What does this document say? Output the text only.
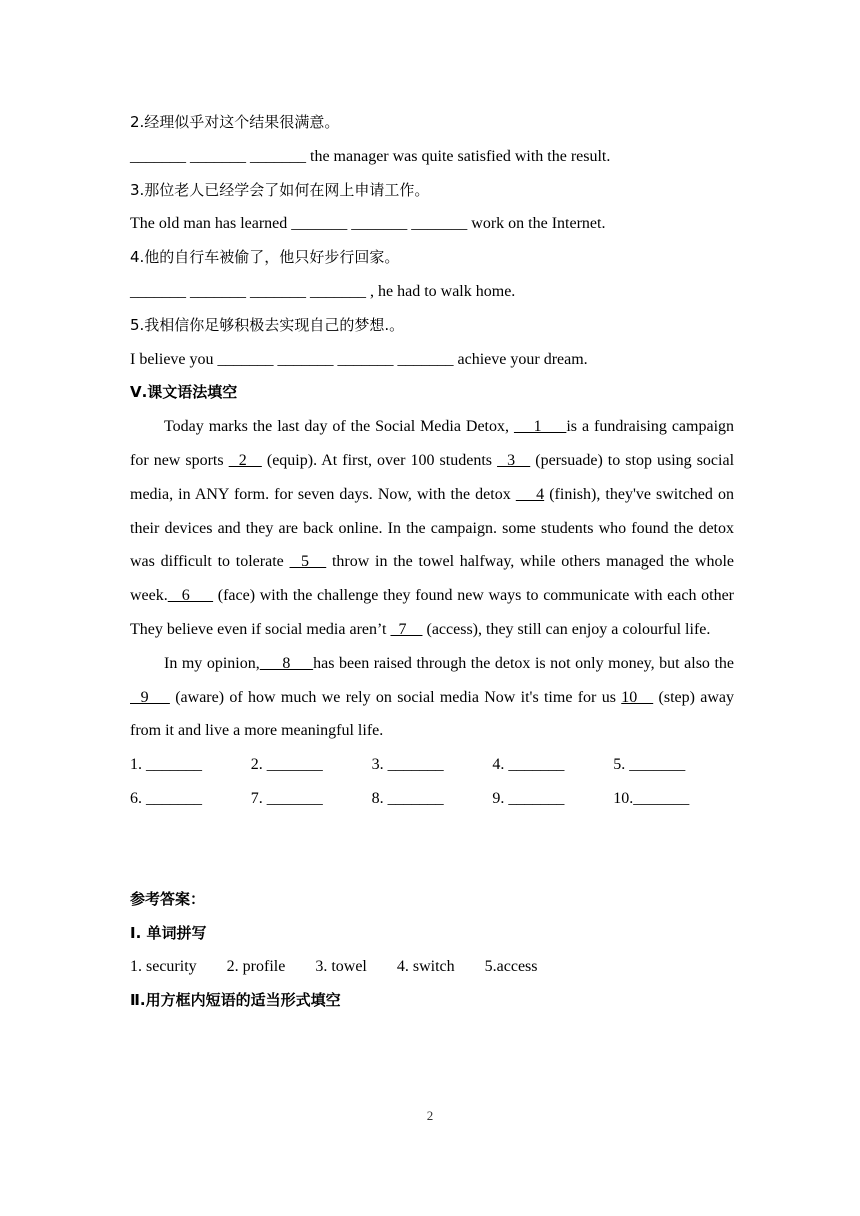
2.经理似乎对这个结果很满意。
_______ _______ _______ the manager was quite satisfied with the result.
3.那位老人已经学会了如何在网上申请工作。
The old man has learned _______ _______ _______ work on the Internet.
4.他的自行车被偷了，他只好步行回家。
_______ _______ _______ _______ , he had to walk home.
5.我相信你足够积极去实现自己的梦想.。
I believe you _______ _______ _______ _______ achieve your dream.
Ⅴ.课文语法填空

Today marks the last day of the Social Media Detox,     1     is a fundraising campaign for new sports   2    (equip). At first, over 100 students   3    (persuade) to stop using social media, in ANY form. for seven days. Now, with the detox     4 (finish), they've switched on their devices and they are back online. In the campaign. some students who found the detox was difficult to tolerate   5    throw in the towel halfway, while others managed the whole week.   6      (face) with the challenge they found new ways to communicate with each other They believe even if social media aren’t   7     (access), they still can enjoy a colourful life.

In my opinion,     8     has been raised through the detox is not only money, but also the   9     (aware) of how much we rely on social media Now it's time for us 10    (step) away from it and live a more meaningful life.

1. _______	2. _______	3. _______	4. _______	5. _______
6. _______	7. _______	8. _______	9. _______	10._______
参考答案：
Ⅰ. 单词拼写
1. security 2. profile 3. towel 4. switch 5.access
Ⅱ.用方框内短语的适当形式填空
2
